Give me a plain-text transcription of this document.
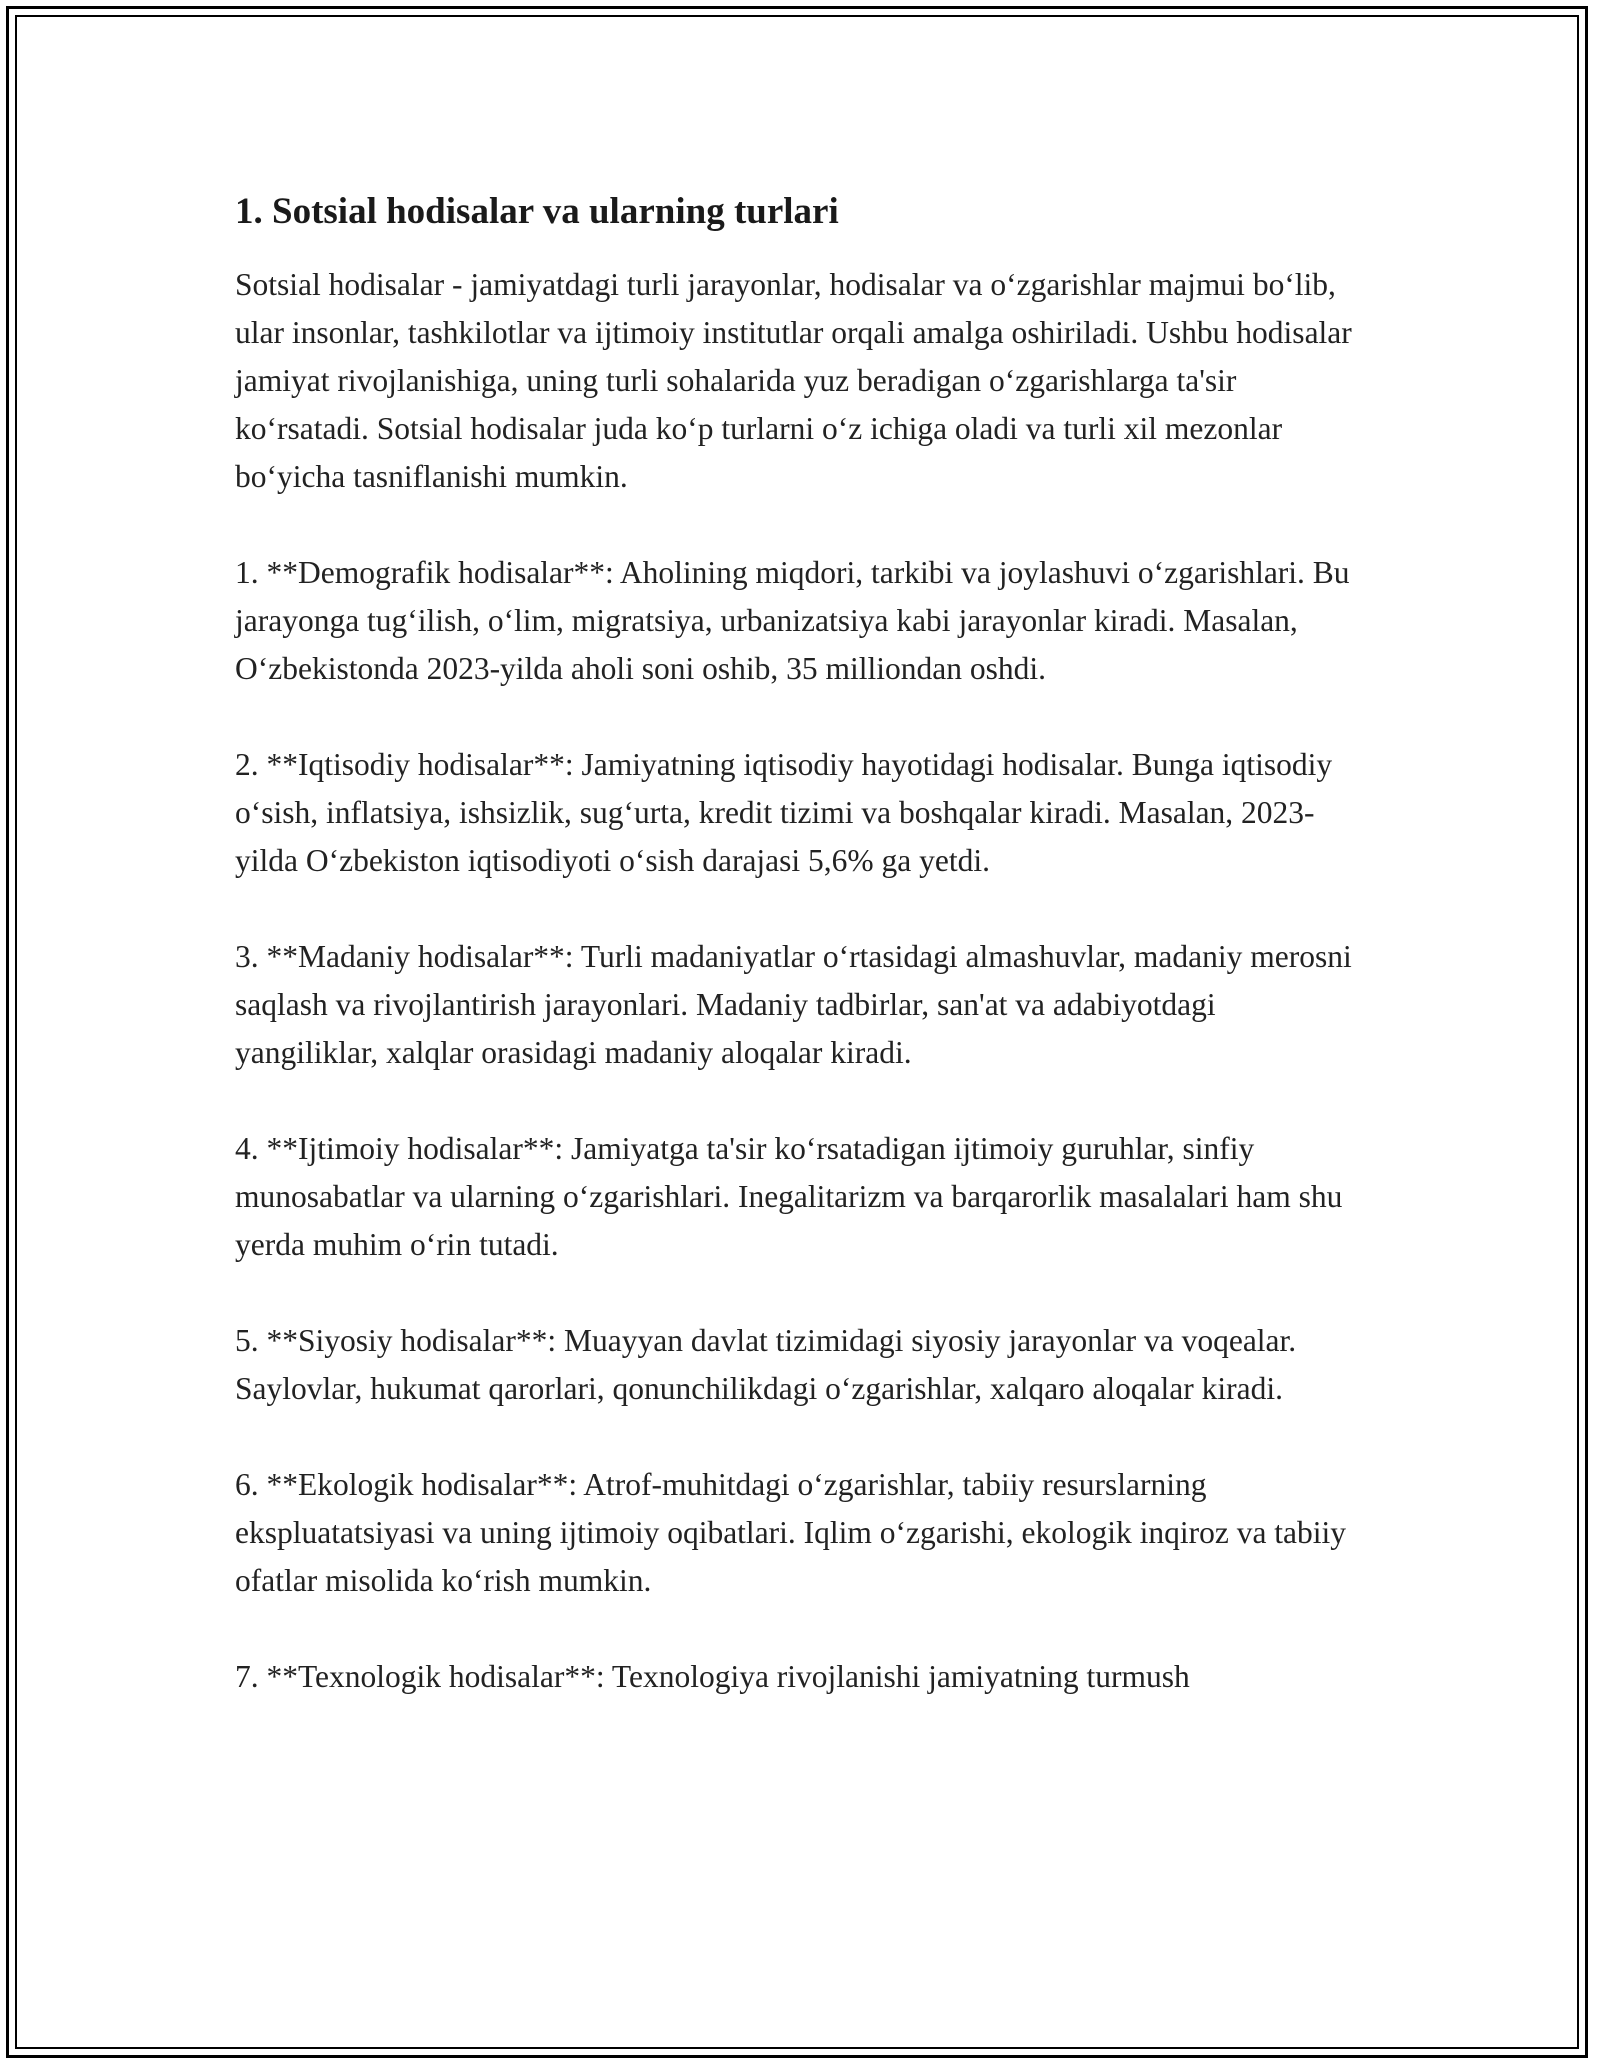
1. Sotsial hodisalar va ularning turlari

Sotsial hodisalar - jamiyatdagi turli jarayonlar, hodisalar va o‘zgarishlar majmui bo‘lib, ular insonlar, tashkilotlar va ijtimoiy institutlar orqali amalga oshiriladi. Ushbu hodisalar jamiyat rivojlanishiga, uning turli sohalarida yuz beradigan o‘zgarishlarga ta'sir ko‘rsatadi. Sotsial hodisalar juda ko‘p turlarni o‘z ichiga oladi va turli xil mezonlar bo‘yicha tasniflanishi mumkin.

1. **Demografik hodisalar**: Aholining miqdori, tarkibi va joylashuvi o‘zgarishlari. Bu jarayonga tug‘ilish, o‘lim, migratsiya, urbanizatsiya kabi jarayonlar kiradi. Masalan, O‘zbekistonda 2023-yilda aholi soni oshib, 35 milliondan oshdi.

2. **Iqtisodiy hodisalar**: Jamiyatning iqtisodiy hayotidagi hodisalar. Bunga iqtisodiy o‘sish, inflatsiya, ishsizlik, sug‘urta, kredit tizimi va boshqalar kiradi. Masalan, 2023-yilda O‘zbekiston iqtisodiyoti o‘sish darajasi 5,6% ga yetdi.

3. **Madaniy hodisalar**: Turli madaniyatlar o‘rtasidagi almashuvlar, madaniy merosni saqlash va rivojlantirish jarayonlari. Madaniy tadbirlar, san'at va adabiyotdagi yangiliklar, xalqlar orasidagi madaniy aloqalar kiradi.

4. **Ijtimoiy hodisalar**: Jamiyatga ta'sir ko‘rsatadigan ijtimoiy guruhlar, sinfiy munosabatlar va ularning o‘zgarishlari. Inegalitarizm va barqarorlik masalalari ham shu yerda muhim o‘rin tutadi.

5. **Siyosiy hodisalar**: Muayyan davlat tizimidagi siyosiy jarayonlar va voqealar. Saylovlar, hukumat qarorlari, qonunchilikdagi o‘zgarishlar, xalqaro aloqalar kiradi.

6. **Ekologik hodisalar**: Atrof-muhitdagi o‘zgarishlar, tabiiy resurslarning ekspluatatsiyasi va uning ijtimoiy oqibatlari. Iqlim o‘zgarishi, ekologik inqiroz va tabiiy ofatlar misolida ko‘rish mumkin.

7. **Texnologik hodisalar**: Texnologiya rivojlanishi jamiyatning turmush
